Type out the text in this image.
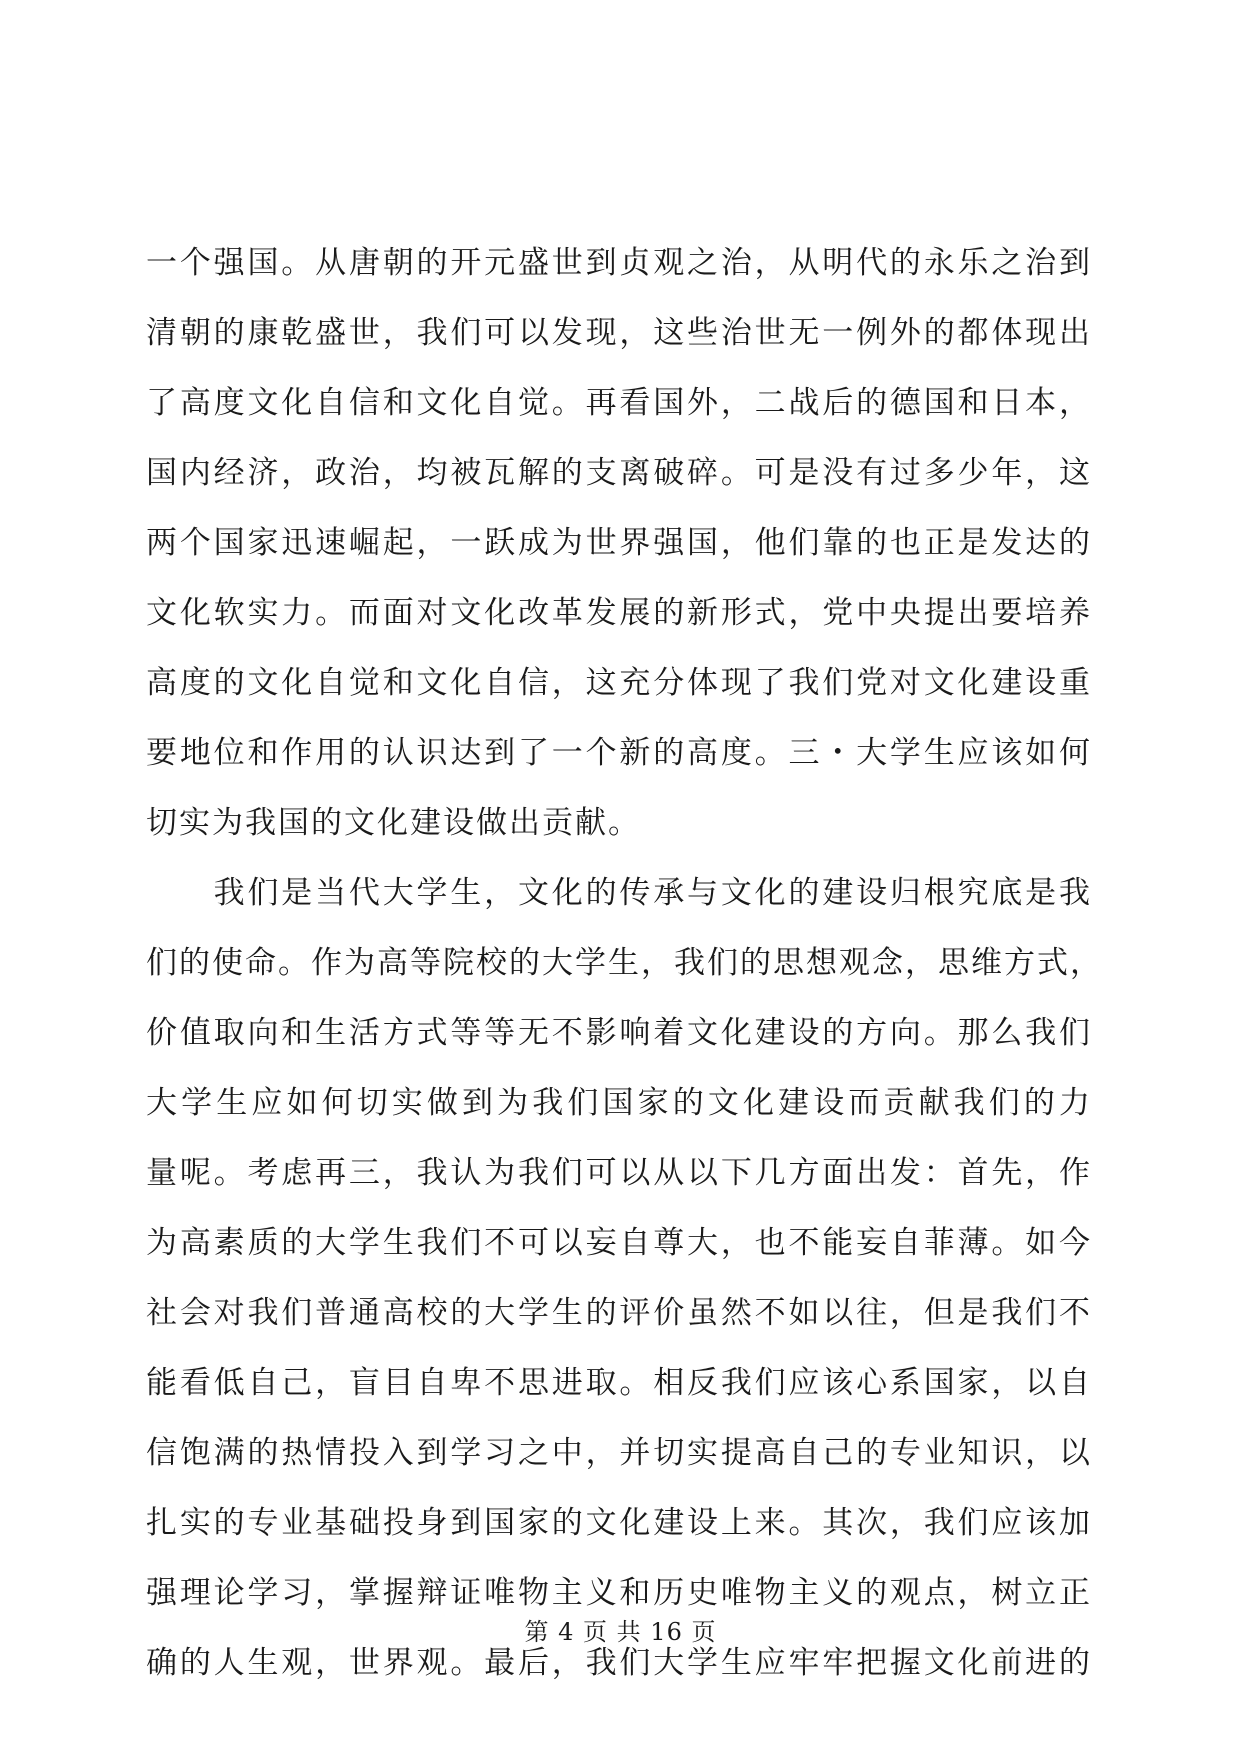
一个强国。从唐朝的开元盛世到贞观之治，从明代的永乐之治到
清朝的康乾盛世，我们可以发现，这些治世无一例外的都体现出
了高度文化自信和文化自觉。再看国外，二战后的德国和日本，
国内经济，政治，均被瓦解的支离破碎。可是没有过多少年，这
两个国家迅速崛起，一跃成为世界强国，他们靠的也正是发达的
文化软实力。而面对文化改革发展的新形式，党中央提出要培养
高度的文化自觉和文化自信，这充分体现了我们党对文化建设重
要地位和作用的认识达到了一个新的高度。三・大学生应该如何
切实为我国的文化建设做出贡献。
　　我们是当代大学生，文化的传承与文化的建设归根究底是我
们的使命。作为高等院校的大学生，我们的思想观念，思维方式，
价值取向和生活方式等等无不影响着文化建设的方向。那么我们
大学生应如何切实做到为我们国家的文化建设而贡献我们的力
量呢。考虑再三，我认为我们可以从以下几方面出发：首先，作
为高素质的大学生我们不可以妄自尊大，也不能妄自菲薄。如今
社会对我们普通高校的大学生的评价虽然不如以往，但是我们不
能看低自己，盲目自卑不思进取。相反我们应该心系国家，以自
信饱满的热情投入到学习之中，并切实提高自己的专业知识，以
扎实的专业基础投身到国家的文化建设上来。其次，我们应该加
强理论学习，掌握辩证唯物主义和历史唯物主义的观点，树立正
确的人生观，世界观。最后，我们大学生应牢牢把握文化前进的
第 4 页 共 16 页
